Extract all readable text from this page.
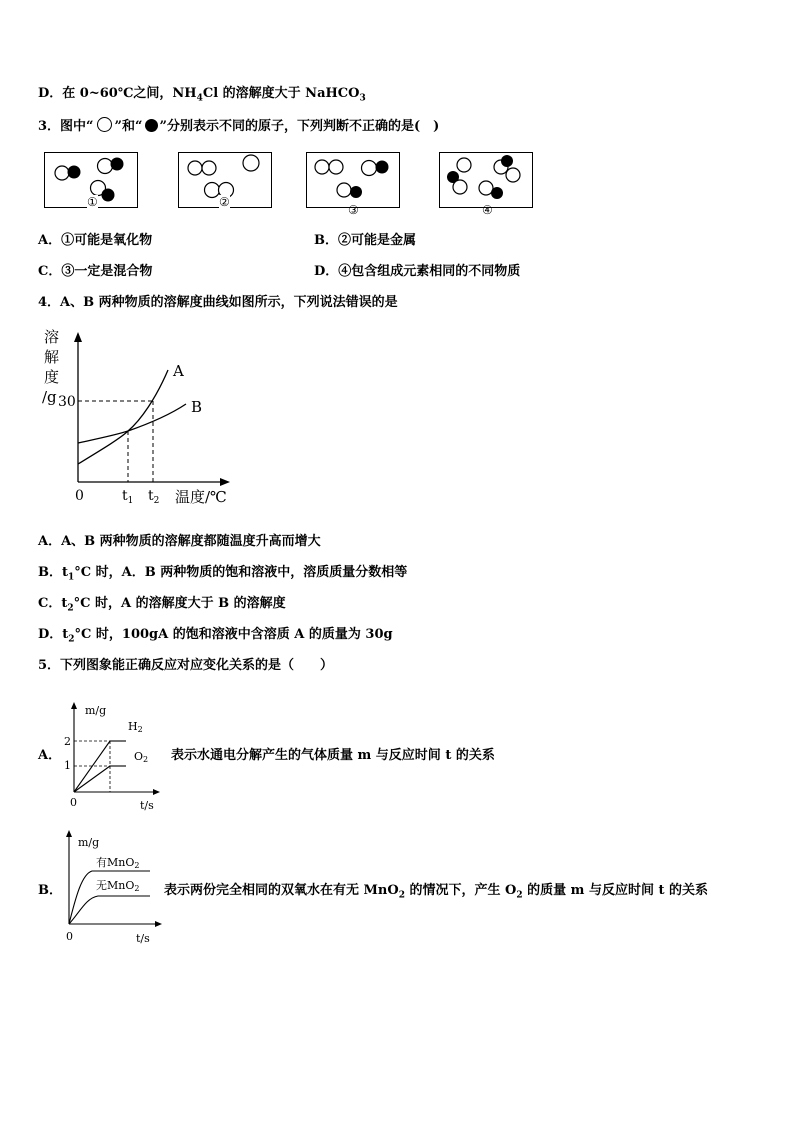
D．在 0~60℃之间，$NH_4Cl$ 的溶解度大于 NaHCO$_3$
3．图中“ ”和“ ”分别表示不同的原子，下列判断不正确的是(　)
①	②
③	④
A．①可能是氧化物	B．②可能是金属
C．③一定是混合物	D．④包含组成元素相同的不同物质
4．A、B 两种物质的溶解度曲线如图所示，下列说法错误的是
溶
解
度
/g
A
B
30
0	$t_1$ $t_2$ 温度/℃
A．A、B 两种物质的溶解度都随温度升高而增大
B．$t_1^\circ C$ 时，A．B 两种物质的饱和溶液中，溶质质量分数相等
C．$t_2^\circ C$ 时，A 的溶解度大于 B 的溶解度
D．$t_2^\circ C$ 时，100gA 的饱和溶液中含溶质 A 的质量为 30g
5．下列图象能正确反应对应变化关系的是（　　）
A．
m/g
2
1
H2
O2
0	t/s
表示水通电分解产生的气体质量 m 与反应时间 t 的关系
B．
m/g
有MnO2
无MnO2
0	t/s
表示两份完全相同的双氧水在有无 MnO$_2$ 的情况下，产生 $O_2$ 的质量 m 与反应时间 t 的关系
